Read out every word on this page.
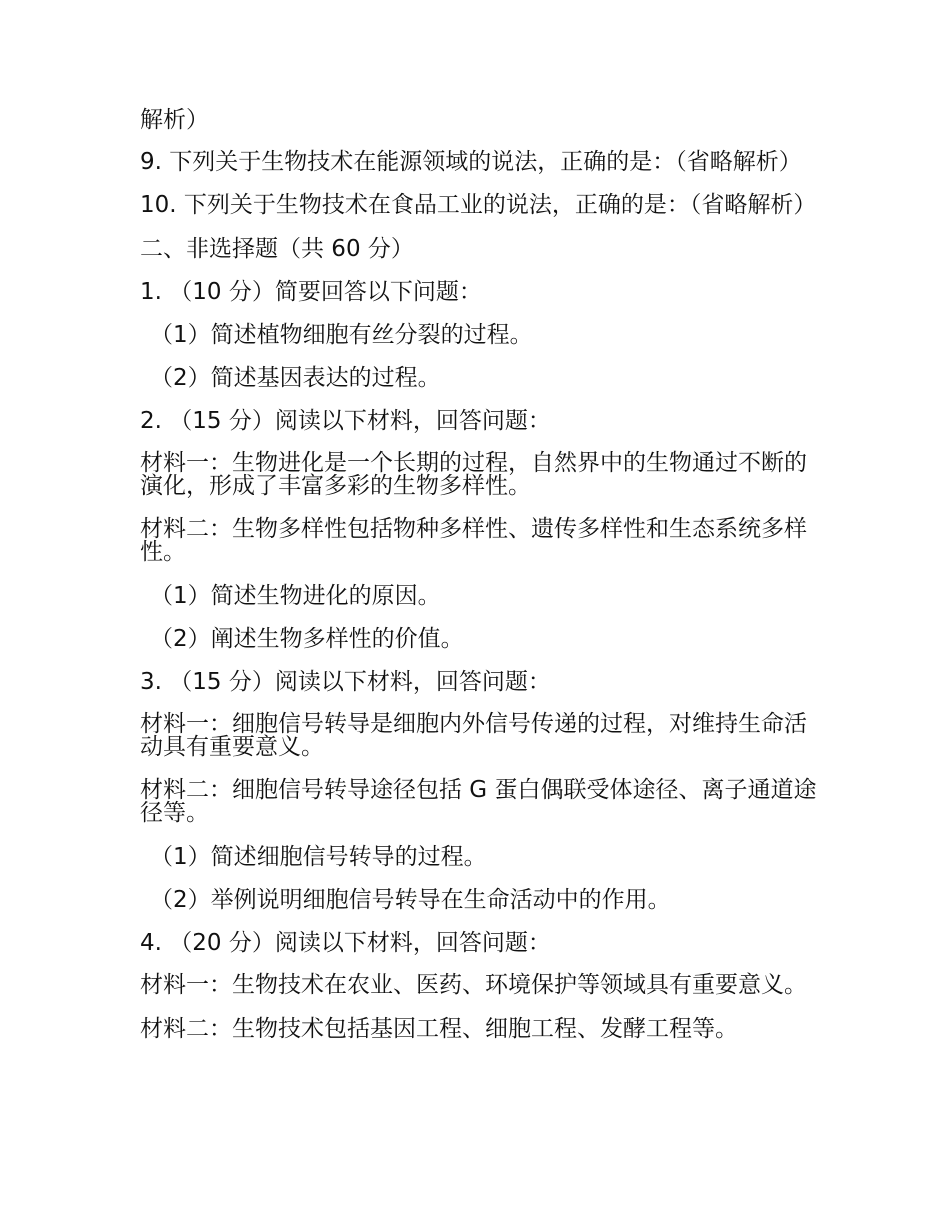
解析）

9. 下列关于生物技术在能源领域的说法，正确的是：（省略解析）

10. 下列关于生物技术在食品工业的说法，正确的是：（省略解析）

二、非选择题（共 60 分）

1. （10 分）简要回答以下问题：

（1）简述植物细胞有丝分裂的过程。

（2）简述基因表达的过程。

2. （15 分）阅读以下材料，回答问题：

材料一：生物进化是一个长期的过程，自然界中的生物通过不断的演化，形成了丰富多彩的生物多样性。

材料二：生物多样性包括物种多样性、遗传多样性和生态系统多样性。

（1）简述生物进化的原因。

（2）阐述生物多样性的价值。

3. （15 分）阅读以下材料，回答问题：

材料一：细胞信号转导是细胞内外信号传递的过程，对维持生命活动具有重要意义。

材料二：细胞信号转导途径包括 G 蛋白偶联受体途径、离子通道途径等。

（1）简述细胞信号转导的过程。

（2）举例说明细胞信号转导在生命活动中的作用。

4. （20 分）阅读以下材料，回答问题：

材料一：生物技术在农业、医药、环境保护等领域具有重要意义。

材料二：生物技术包括基因工程、细胞工程、发酵工程等。
